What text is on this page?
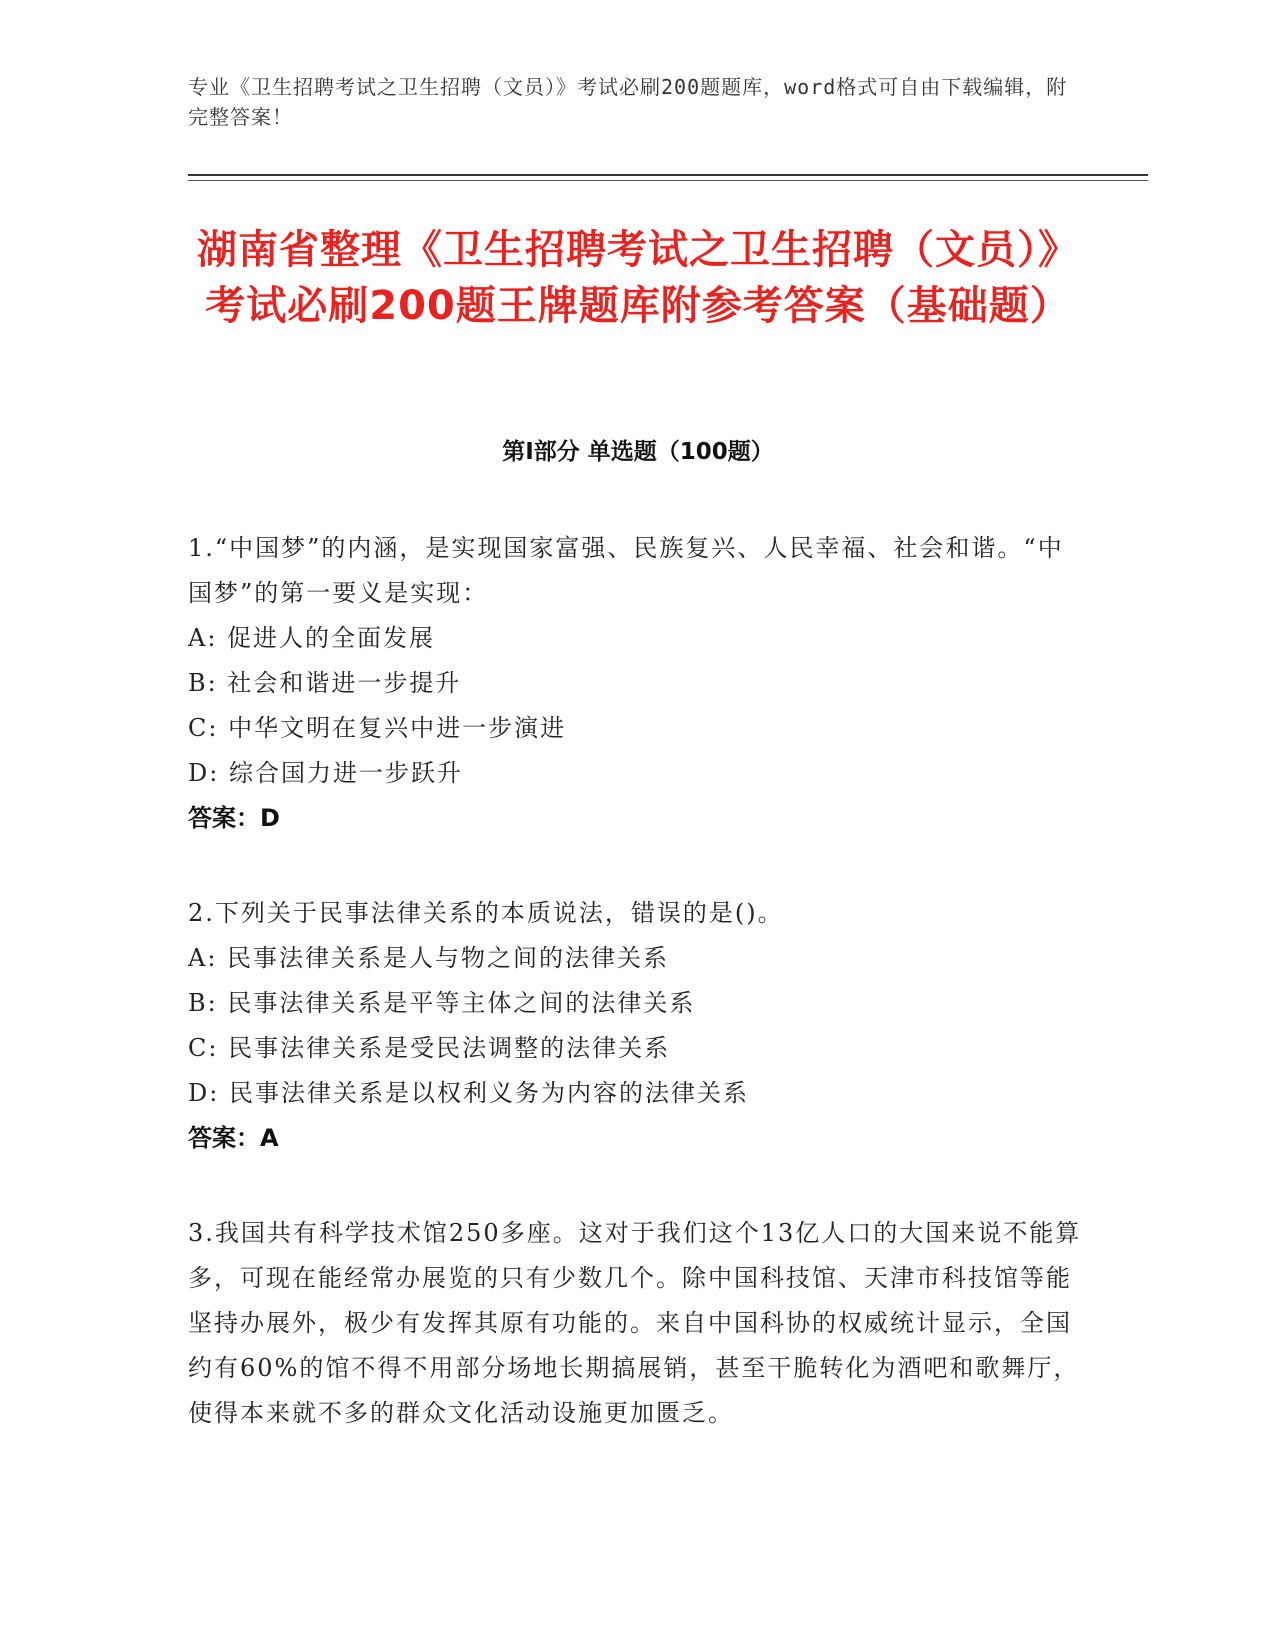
专业《卫生招聘考试之卫生招聘（文员）》考试必刷200题题库，word格式可自由下载编辑，附完整答案！
湖南省整理《卫生招聘考试之卫生招聘（文员）》考试必刷200题王牌题库附参考答案（基础题）
第I部分 单选题（100题）
1.“中国梦”的内涵，是实现国家富强、民族复兴、人民幸福、社会和谐。“中国梦”的第一要义是实现：
A: 促进人的全面发展
B: 社会和谐进一步提升
C: 中华文明在复兴中进一步演进
D: 综合国力进一步跃升
答案：D
2.下列关于民事法律关系的本质说法，错误的是()。
A: 民事法律关系是人与物之间的法律关系
B: 民事法律关系是平等主体之间的法律关系
C: 民事法律关系是受民法调整的法律关系
D: 民事法律关系是以权利义务为内容的法律关系
答案：A
3.我国共有科学技术馆250多座。这对于我们这个13亿人口的大国来说不能算多，可现在能经常办展览的只有少数几个。除中国科技馆、天津市科技馆等能坚持办展外，极少有发挥其原有功能的。来自中国科协的权威统计显示，全国约有60%的馆不得不用部分场地长期搞展销，甚至干脆转化为酒吧和歌舞厅，使得本来就不多的群众文化活动设施更加匮乏。
